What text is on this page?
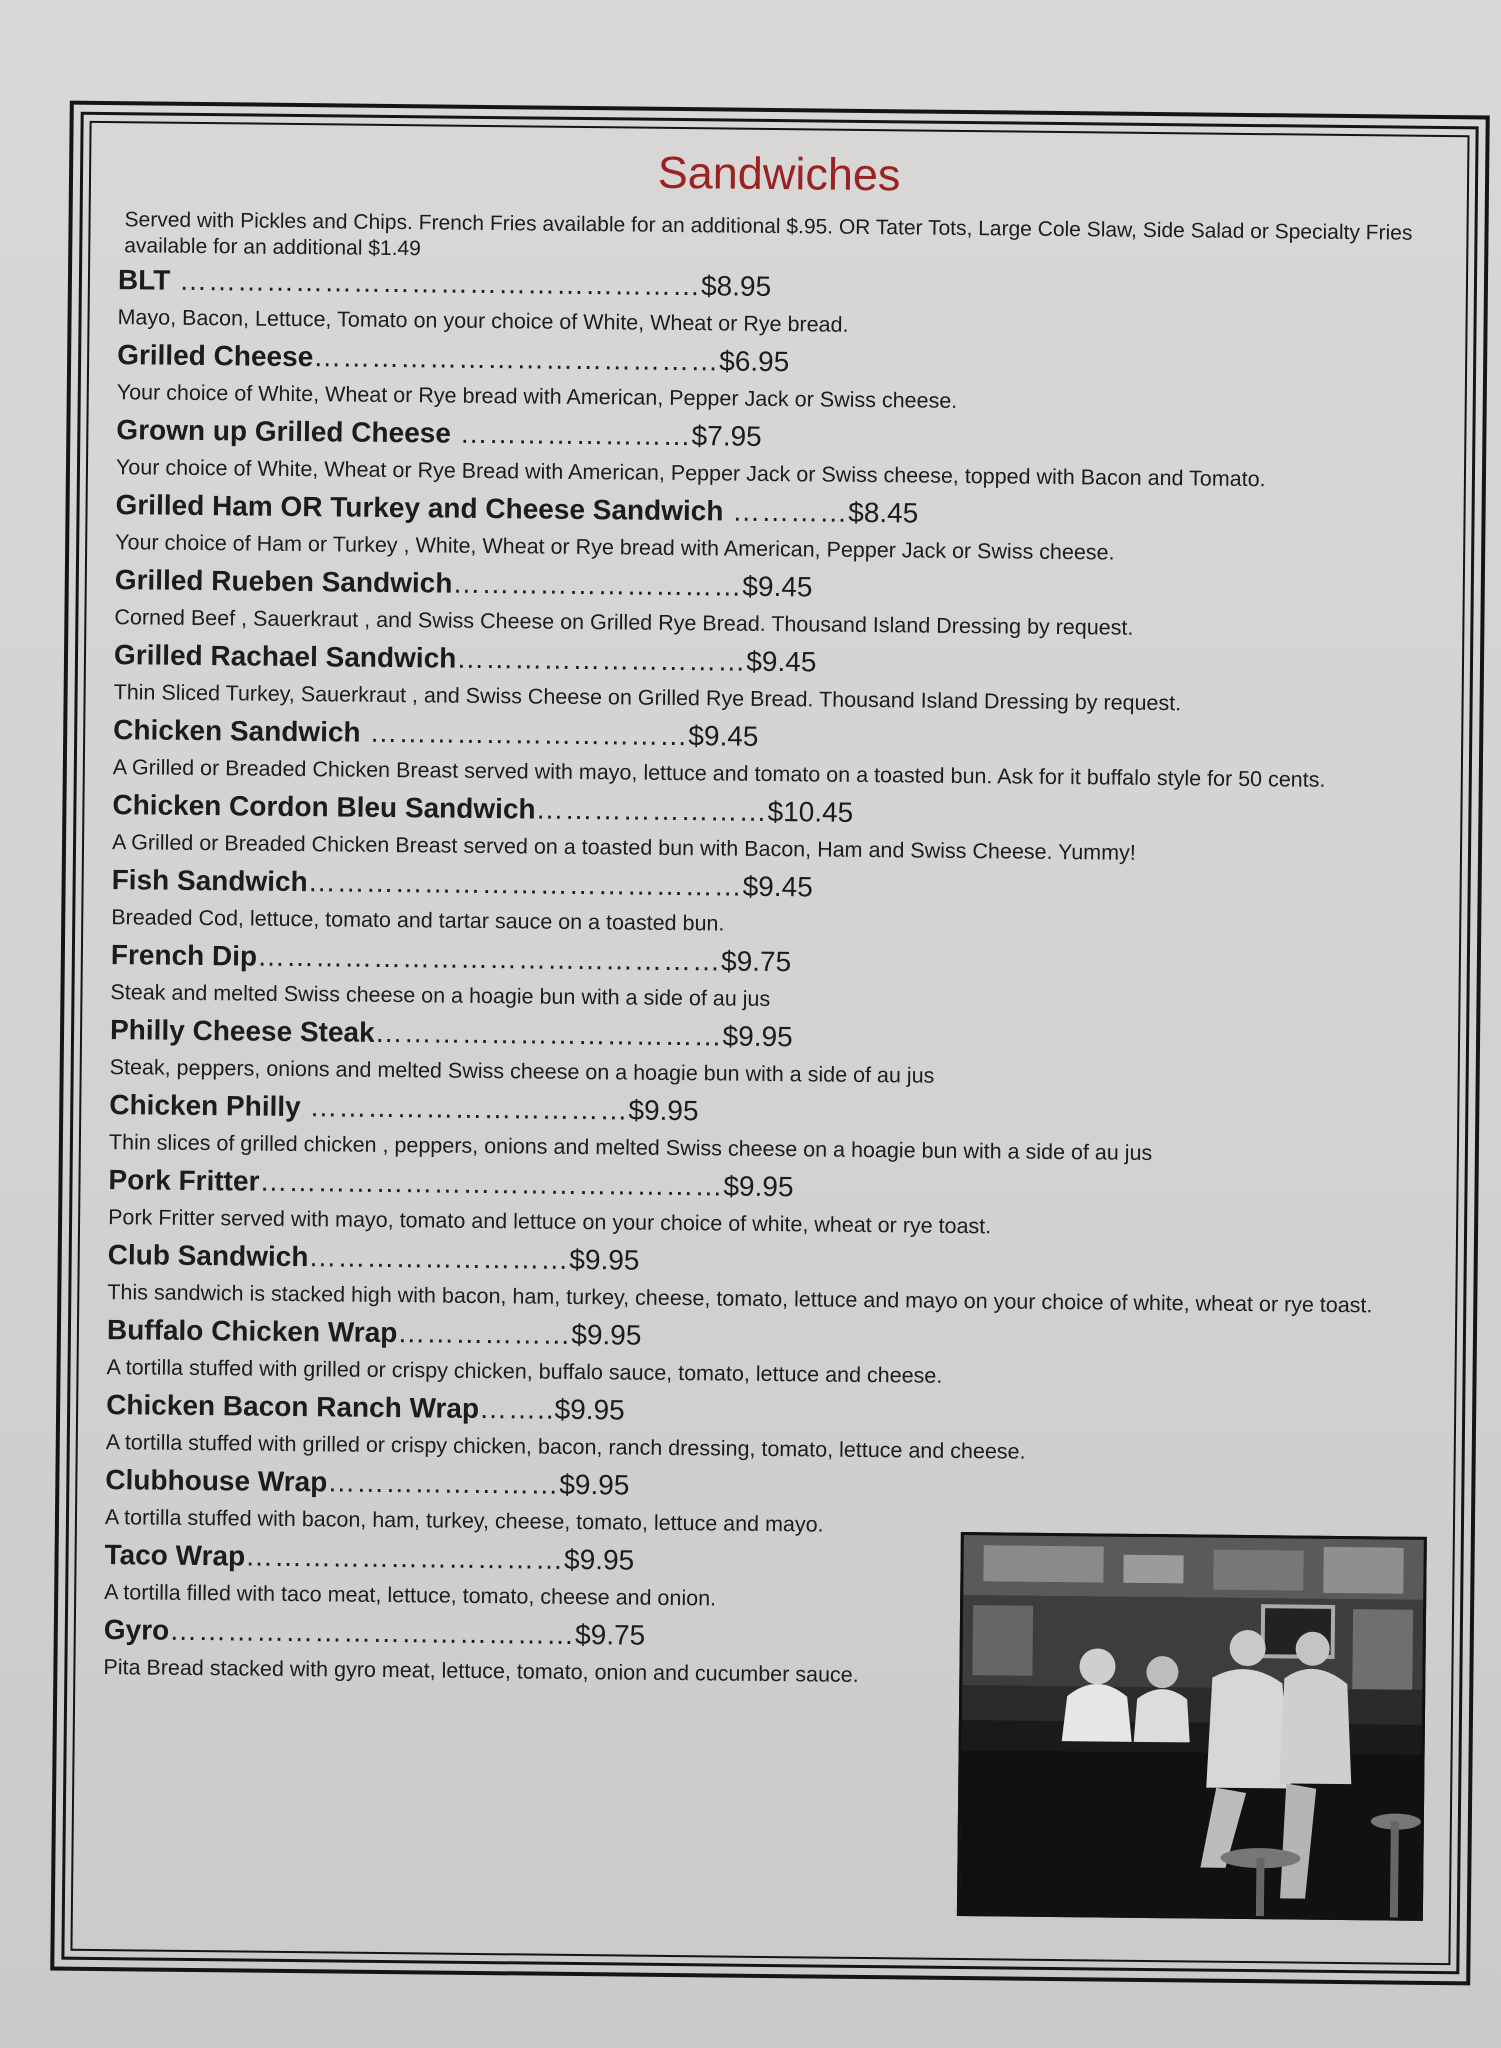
Sandwiches
Served with Pickles and Chips. French Fries available for an additional $.95. OR Tater Tots, Large Cole Slaw, Side Salad or Specialty Fries available for an additional $1.49
BLT ………………………………………………$8.95
Mayo, Bacon, Lettuce, Tomato on your choice of White, Wheat or Rye bread.
Grilled Cheese……………………………………$6.95
Your choice of White, Wheat or Rye bread with American, Pepper Jack or Swiss cheese.
Grown up Grilled Cheese ……………………$7.95
Your choice of White, Wheat or Rye Bread with American, Pepper Jack or Swiss cheese, topped with Bacon and Tomato.
Grilled Ham OR Turkey and Cheese Sandwich …………$8.45
Your choice of Ham or Turkey , White, Wheat or Rye bread with American, Pepper Jack or Swiss cheese.
Grilled Rueben Sandwich…………………………$9.45
Corned Beef , Sauerkraut , and Swiss Cheese on Grilled Rye Bread. Thousand Island Dressing by request.
Grilled Rachael Sandwich…………………………$9.45
Thin Sliced Turkey, Sauerkraut , and Swiss Cheese on Grilled Rye Bread. Thousand Island Dressing by request.
Chicken Sandwich ……………………………$9.45
A Grilled or Breaded Chicken Breast served with mayo, lettuce and tomato on a toasted bun. Ask for it buffalo style for 50 cents.
Chicken Cordon Bleu Sandwich……………………$10.45
A Grilled or Breaded Chicken Breast served on a toasted bun with Bacon, Ham and Swiss Cheese. Yummy!
Fish Sandwich………………………………………$9.45
Breaded Cod, lettuce, tomato and tartar sauce on a toasted bun.
French Dip…………………………………………$9.75
Steak and melted Swiss cheese on a hoagie bun with a side of au jus
Philly Cheese Steak………………………………$9.95
Steak, peppers, onions and melted Swiss cheese on a hoagie bun with a side of au jus
Chicken Philly ……………………………$9.95
Thin slices of grilled chicken , peppers, onions and melted Swiss cheese on a hoagie bun with a side of au jus
Pork Fritter…………………………………………$9.95
Pork Fritter served with mayo, tomato and lettuce on your choice of white, wheat or rye toast.
Club Sandwich………………………$9.95
This sandwich is stacked high with bacon, ham, turkey, cheese, tomato, lettuce and mayo on your choice of white, wheat or rye toast.
Buffalo Chicken Wrap………………$9.95
A tortilla stuffed with grilled or crispy chicken, buffalo sauce, tomato, lettuce and cheese.
Chicken Bacon Ranch Wrap……..$9.95
A tortilla stuffed with grilled or crispy chicken, bacon, ranch dressing, tomato, lettuce and cheese.
Clubhouse Wrap……………………$9.95
A tortilla stuffed with bacon, ham, turkey, cheese, tomato, lettuce and mayo.
Taco Wrap……………………………$9.95
A tortilla filled with taco meat, lettuce, tomato, cheese and onion.
Gyro……………………………………$9.75
Pita Bread stacked with gyro meat, lettuce, tomato, onion and cucumber sauce.
